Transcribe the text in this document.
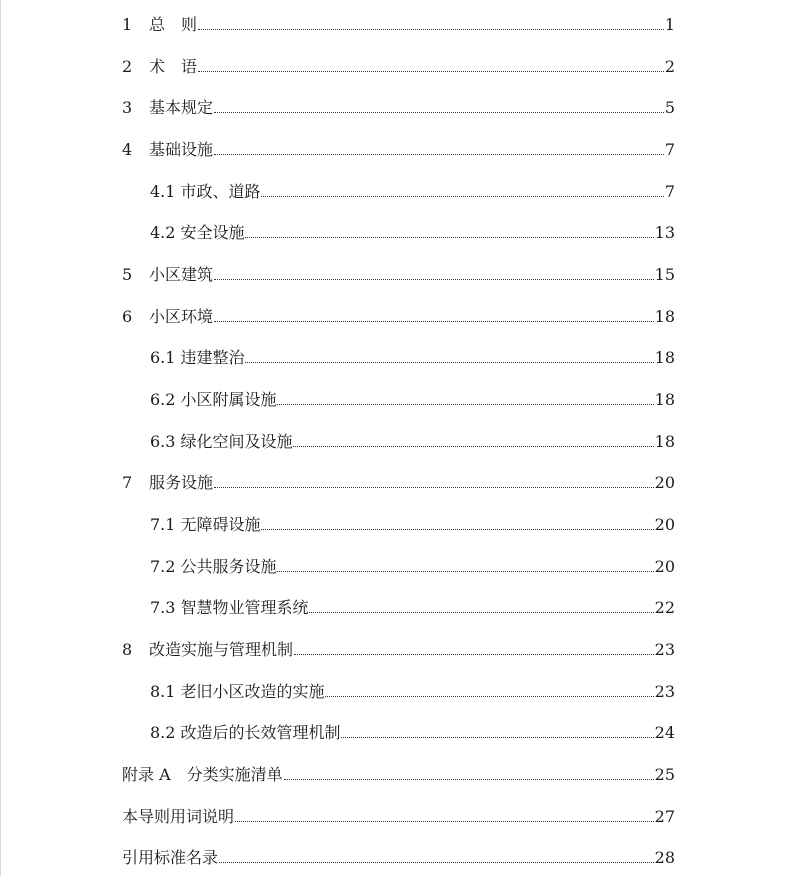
1	总　则	1
2	术　语	2
3	基本规定	5
4	基础设施	7
4.1 市政、道路	7
4.2 安全设施	13
5	小区建筑	15
6	小区环境	18
6.1 违建整治	18
6.2 小区附属设施	18
6.3 绿化空间及设施	18
7	服务设施	20
7.1 无障碍设施	20
7.2 公共服务设施	20
7.3 智慧物业管理系统	22
8	改造实施与管理机制	23
8.1 老旧小区改造的实施	23
8.2 改造后的长效管理机制	24
附录 A　分类实施清单	25
本导则用词说明	27
引用标准名录	28
